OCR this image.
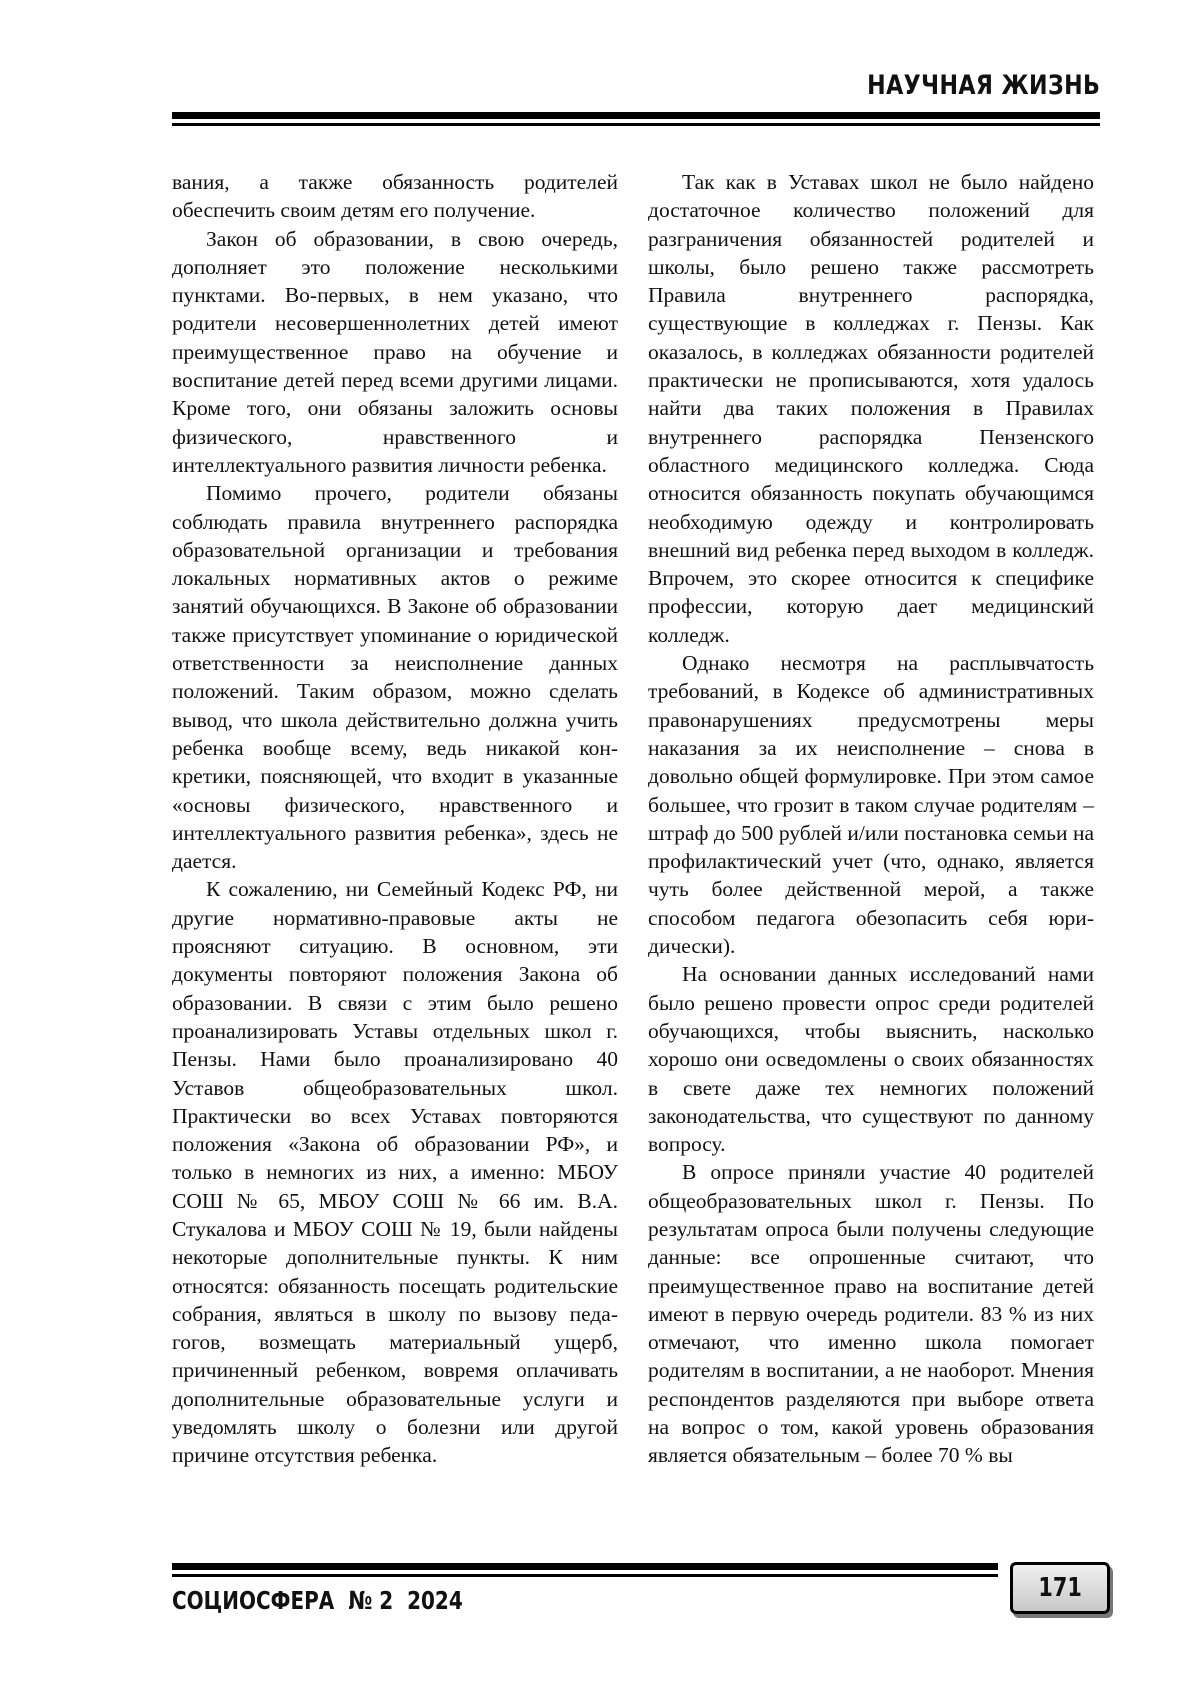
НАУЧНАЯ ЖИЗНЬ

вания, а также обязанность родителей обеспечить своим детям его получение.

Закон об образовании, в свою очередь, дополняет это положение несколькими пунктами. Во-первых, в нем указано, что родители несовершеннолетних детей имеют преимущественное право на обучение и воспитание детей перед всеми другими лицами. Кроме того, они обязаны заложить основы физического, нравственного и интеллектуального развития личности ребенка.

Помимо прочего, родители обязаны соблюдать правила внутреннего распорядка образовательной организации и требования локальных нормативных актов о режиме занятий обучающихся. В Законе об образовании также присутствует упоминание о юридической ответственности за неисполнение данных положений. Таким образом, можно сделать вывод, что школа действительно должна учить ребенка вообще всему, ведь никакой конкретики, поясняющей, что входит в указанные «основы физического, нравственного и интеллектуального развития ребенка», здесь не дается.

К сожалению, ни Семейный Кодекс РФ, ни другие нормативно-правовые акты не проясняют ситуацию. В основном, эти документы повторяют положения Закона об образовании. В связи с этим было решено проанализировать Уставы отдельных школ г. Пензы. Нами было проанализировано 40 Уставов общеобразовательных школ. Практически во всех Уставах повторяются положения «Закона об образовании РФ», и только в немногих из них, а именно: МБОУ СОШ № 65, МБОУ СОШ № 66 им. В.А. Стукалова и МБОУ СОШ № 19, были найдены некоторые дополнительные пункты. К ним относятся: обязанность посещать родительские собрания, являться в школу по вызову педагогов, возмещать материальный ущерб, причиненный ребенком, вовремя оплачивать дополнительные образовательные услуги и уведомлять школу о болезни или другой причине отсутствия ребенка.

Так как в Уставах школ не было найдено достаточное количество положений для разграничения обязанностей родителей и школы, было решено также рассмотреть Правила внутреннего распорядка, существующие в колледжах г. Пензы. Как оказалось, в колледжах обязанности родителей практически не прописываются, хотя удалось найти два таких положения в Правилах внутреннего распорядка Пензенского областного медицинского колледжа. Сюда относится обязанность покупать обучающимся необходимую одежду и контролировать внешний вид ребенка перед выходом в колледж. Впрочем, это скорее относится к специфике профессии, которую дает медицинский колледж.

Однако несмотря на расплывчатость требований, в Кодексе об административных правонарушениях предусмотрены меры наказания за их неисполнение – снова в довольно общей формулировке. При этом самое большее, что грозит в таком случае родителям – штраф до 500 рублей и/или постановка семьи на профилактический учет (что, однако, является чуть более действенной мерой, а также способом педагога обезопасить себя юридически).

На основании данных исследований нами было решено провести опрос среди родителей обучающихся, чтобы выяснить, насколько хорошо они осведомлены о своих обязанностях в свете даже тех немногих положений законодательства, что существуют по данному вопросу.

В опросе приняли участие 40 родителей общеобразовательных школ г. Пензы. По результатам опроса были получены следующие данные: все опрошенные считают, что преимущественное право на воспитание детей имеют в первую очередь родители. 83 % из них отмечают, что именно школа помогает родителям в воспитании, а не наоборот. Мнения респондентов разделяются при выборе ответа на вопрос о том, какой уровень образования является обязательным – более 70 % вы

СОЦИОСФЕРА  № 2  2024	171
